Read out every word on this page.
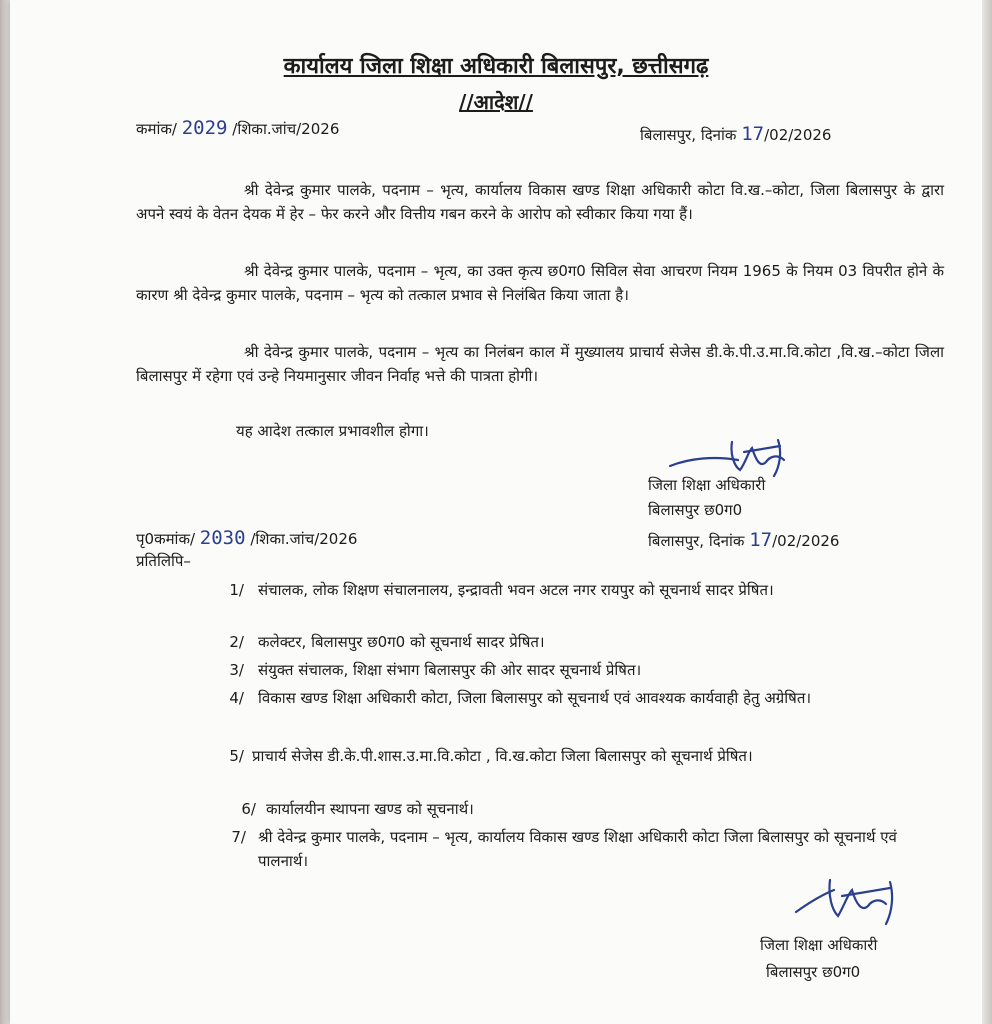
कार्यालय जिला शिक्षा अधिकारी बिलासपुर, छत्तीसगढ़
//आदेश//
कमांक/ 2029 /शिका.जांच/2026	बिलासपुर, दिनांक 17/02/2026
श्री देवेन्द्र कुमार पालके, पदनाम – भृत्य, कार्यालय विकास खण्ड शिक्षा अधिकारी कोटा वि.ख.–कोटा, जिला बिलासपुर के द्वारा अपने स्वयं के वेतन देयक में हेर – फेर करने और वित्तीय गबन करने के आरोप को स्वीकार किया गया हैं।
श्री देवेन्द्र कुमार पालके, पदनाम – भृत्य, का उक्त कृत्य छ0ग0 सिविल सेवा आचरण नियम 1965 के नियम 03 विपरीत होने के कारण श्री देवेन्द्र कुमार पालके, पदनाम – भृत्य को तत्काल प्रभाव से निलंबित किया जाता है।
श्री देवेन्द्र कुमार पालके, पदनाम – भृत्य का निलंबन काल में मुख्यालय प्राचार्य सेजेस डी.के.पी.उ.मा.वि.कोटा ,वि.ख.–कोटा जिला बिलासपुर में रहेगा एवं उन्हे नियमानुसार जीवन निर्वाह भत्ते की पात्रता होगी।
यह आदेश तत्काल प्रभावशील होगा।
जिला शिक्षा अधिकारी
बिलासपुर छ0ग0
पृ0कमांक/ 2030 /शिका.जांच/2026	बिलासपुर, दिनांक 17/02/2026
प्रतिलिपि–
1/ संचालक, लोक शिक्षण संचालनालय, इन्द्रावती भवन अटल नगर रायपुर को सूचनार्थ सादर प्रेषित।
2/ कलेक्टर, बिलासपुर छ0ग0 को सूचनार्थ सादर प्रेषित।
3/ संयुक्त संचालक, शिक्षा संभाग बिलासपुर की ओर सादर सूचनार्थ प्रेषित।
4/ विकास खण्ड शिक्षा अधिकारी कोटा, जिला बिलासपुर को सूचनार्थ एवं आवश्यक कार्यवाही हेतु अग्रेषित।
5/ प्राचार्य सेजेस डी.के.पी.शास.उ.मा.वि.कोटा , वि.ख.कोटा जिला बिलासपुर को सूचनार्थ प्रेषित।
6/ कार्यालयीन स्थापना खण्ड को सूचनार्थ।
7/ श्री देवेन्द्र कुमार पालके, पदनाम – भृत्य, कार्यालय विकास खण्ड शिक्षा अधिकारी कोटा जिला बिलासपुर को सूचनार्थ एवं पालनार्थ।
जिला शिक्षा अधिकारी
बिलासपुर छ0ग0
